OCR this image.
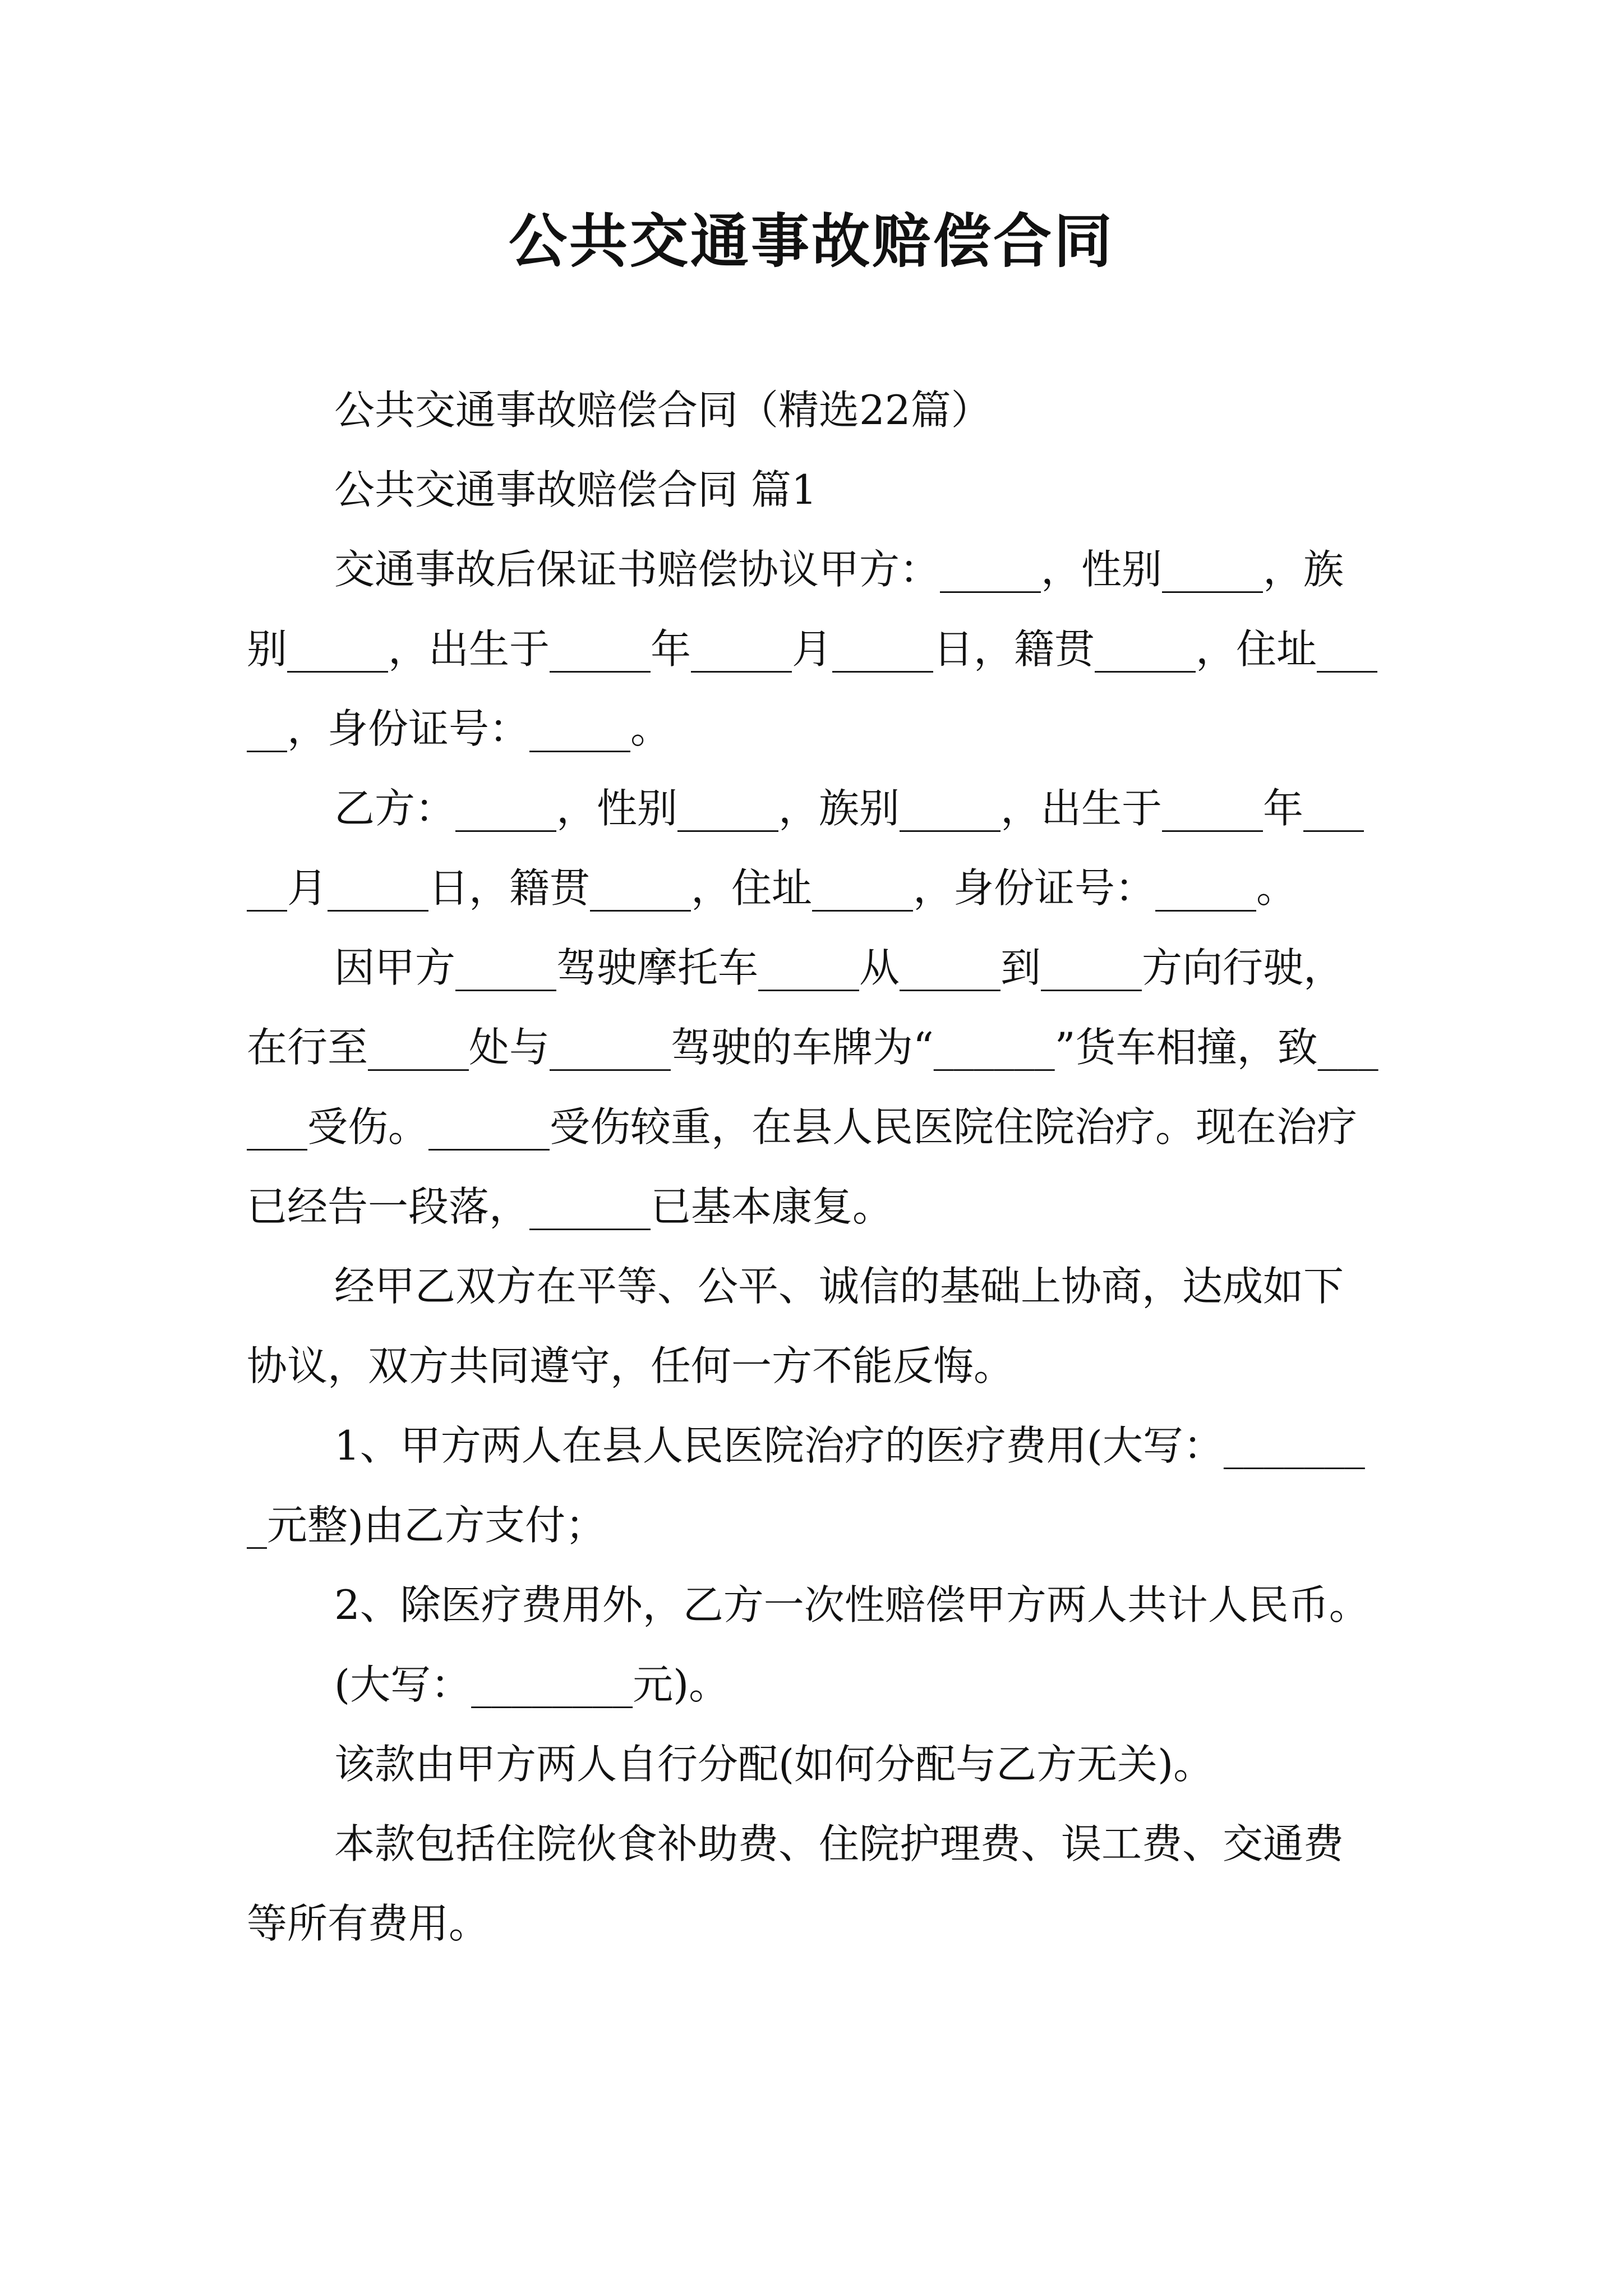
公共交通事故赔偿合同

公共交通事故赔偿合同（精选22篇）

公共交通事故赔偿合同 篇1

交通事故后保证书赔偿协议甲方：_____，性别_____，族别_____，出生于_____年_____月_____日，籍贯_____，住址_____，身份证号：_____。

乙方：_____，性别_____，族别_____，出生于_____年_____月_____日，籍贯_____，住址_____，身份证号：_____。

因甲方_____驾驶摩托车_____从_____到_____方向行驶，在行至_____处与______驾驶的车牌为“______”货车相撞，致______受伤。______受伤较重，在县人民医院住院治疗。现在治疗已经告一段落，______已基本康复。

经甲乙双方在平等、公平、诚信的基础上协商，达成如下协议，双方共同遵守，任何一方不能反悔。

1、甲方两人在县人民医院治疗的医疗费用(大写：________元整)由乙方支付；

2、除医疗费用外，乙方一次性赔偿甲方两人共计人民币。

(大写：________元)。

该款由甲方两人自行分配(如何分配与乙方无关)。

本款包括住院伙食补助费、住院护理费、误工费、交通费等所有费用。
